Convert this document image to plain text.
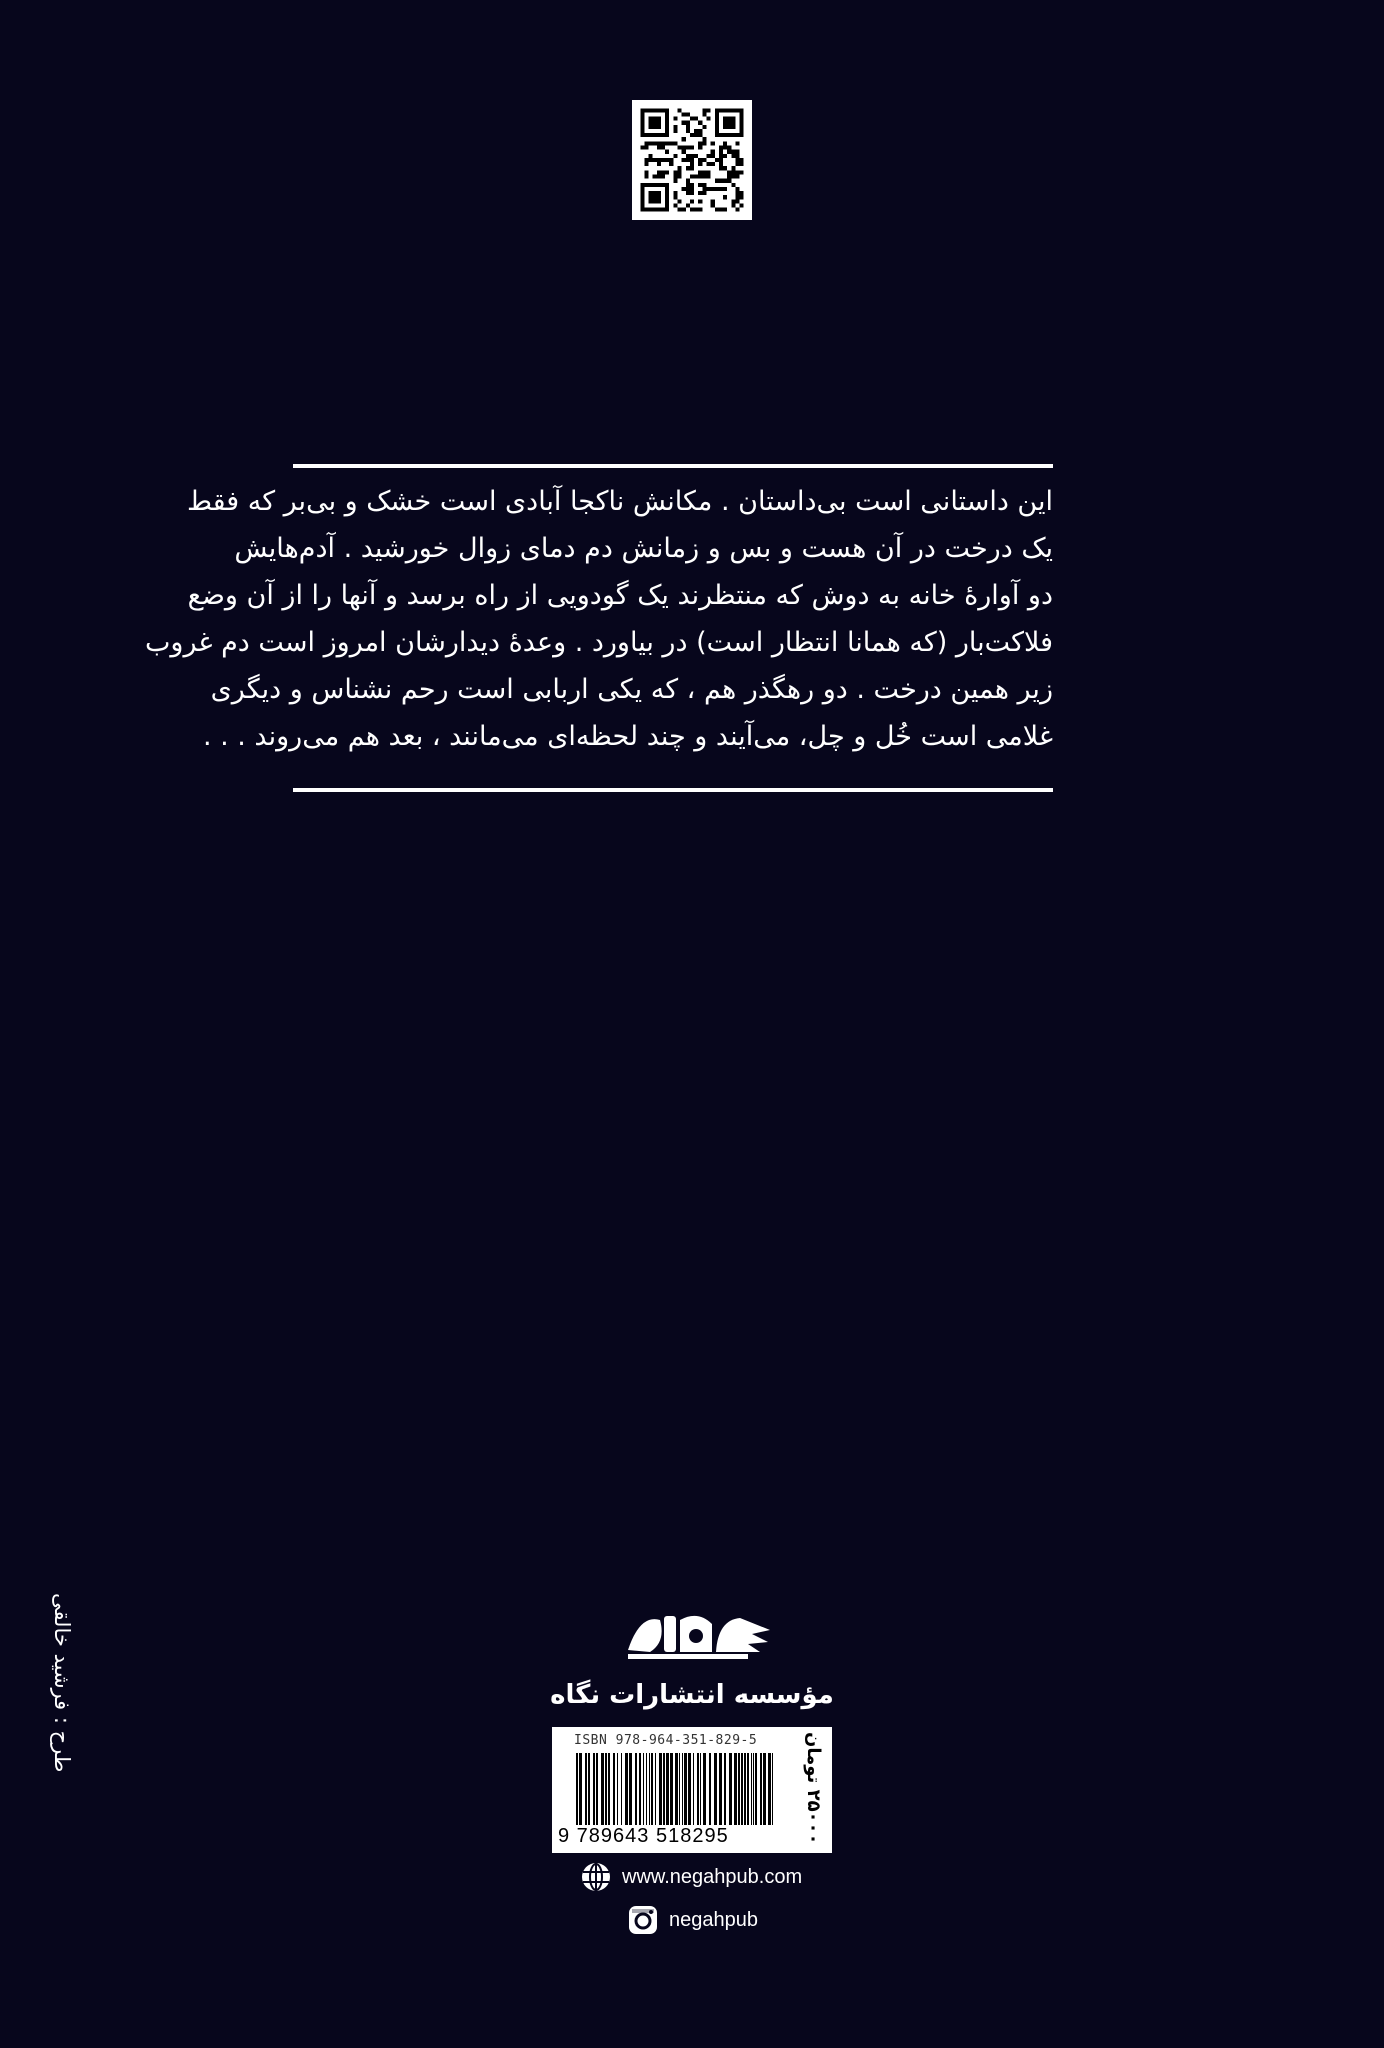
این داستانی است بی‌داستان . مکانش ناکجا آبادی است خشک و بی‌بر که فقط
یک درخت در آن هست و بس و زمانش دم دمای زوال خورشید . آدم‌هایش
دو آوارهٔ خانه به دوش که منتظرند یک گودویی از راه برسد و آنها را از آن وضع
فلاکت‌بار (که همانا انتظار است) در بیاورد . وعدهٔ دیدارشان امروز است دم غروب
زیر همین درخت . دو رهگذر هم ، که یکی اربابی است رحم نشناس و دیگری
غلامی است خُل و چل، می‌آیند و چند لحظه‌ای می‌مانند ، بعد هم می‌روند . . .
طرح : فرشید خالقی	مؤسسه انتشارات نگاه
ISBN 978-964-351-829-5
9 789643 518295
۲۵۰۰۰ تومان
www.negahpub.com
negahpub
